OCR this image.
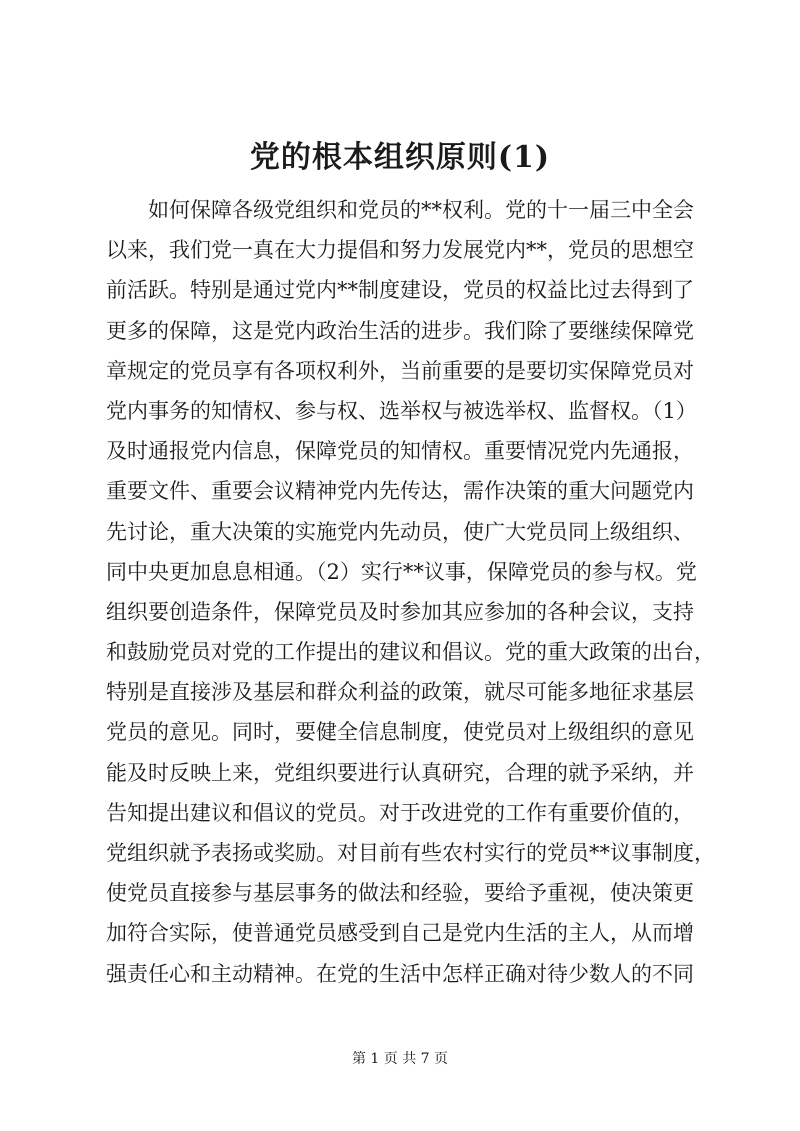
党的根本组织原则(1)
　　如何保障各级党组织和党员的**权利。党的十一届三中全会
以来，我们党一真在大力提倡和努力发展党内**，党员的思想空
前活跃。特别是通过党内**制度建设，党员的权益比过去得到了
更多的保障，这是党内政治生活的进步。我们除了要继续保障党
章规定的党员享有各项权利外，当前重要的是要切实保障党员对
党内事务的知情权、参与权、选举权与被选举权、监督权。（1）
及时通报党内信息，保障党员的知情权。重要情况党内先通报，
重要文件、重要会议精神党内先传达，需作决策的重大问题党内
先讨论，重大决策的实施党内先动员，使广大党员同上级组织、
同中央更加息息相通。（2）实行**议事，保障党员的参与权。党
组织要创造条件，保障党员及时参加其应参加的各种会议，支持
和鼓励党员对党的工作提出的建议和倡议。党的重大政策的出台，
特别是直接涉及基层和群众利益的政策，就尽可能多地征求基层
党员的意见。同时，要健全信息制度，使党员对上级组织的意见
能及时反映上来，党组织要进行认真研究，合理的就予采纳，并
告知提出建议和倡议的党员。对于改进党的工作有重要价值的，
党组织就予表扬或奖励。对目前有些农村实行的党员**议事制度，
使党员直接参与基层事务的做法和经验，要给予重视，使决策更
加符合实际，使普通党员感受到自己是党内生活的主人，从而增
强责任心和主动精神。在党的生活中怎样正确对待少数人的不同

第 1 页 共 7 页
